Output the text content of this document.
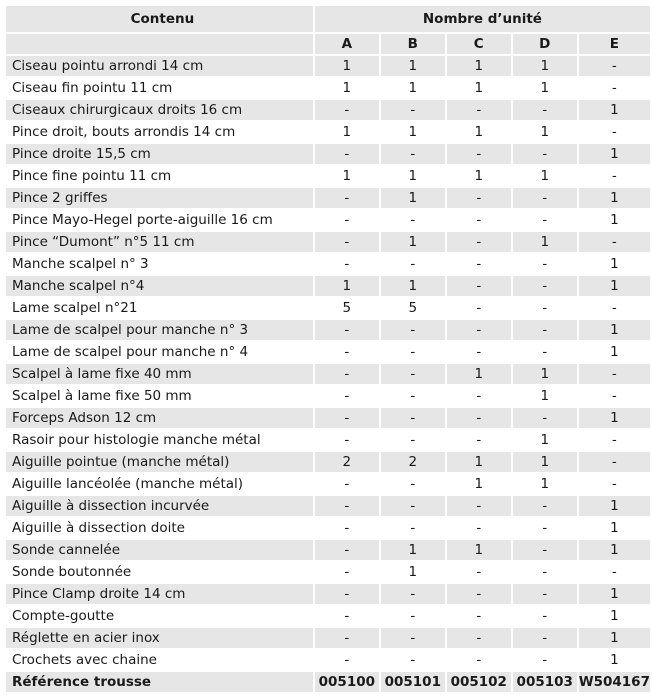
Contenu	Nombre d’unité				
	A	B	C	D	E
Ciseau pointu arrondi 14 cm	1	1	1	1	-
Ciseau fin pointu 11 cm	1	1	1	1	-
Ciseaux chirurgicaux droits 16 cm	-	-	-	-	1
Pince droit, bouts arrondis 14 cm	1	1	1	1	-
Pince droite 15,5 cm	-	-	-	-	1
Pince fine pointu 11 cm	1	1	1	1	-
Pince 2 griffes	-	1	-	-	1
Pince Mayo-Hegel porte-aiguille 16 cm	-	-	-	-	1
Pince “Dumont” n°5 11 cm	-	1	-	1	-
Manche scalpel n° 3	-	-	-	-	1
Manche scalpel n°4	1	1	-	-	1
Lame scalpel n°21	5	5	-	-	-
Lame de scalpel pour manche n° 3	-	-	-	-	1
Lame de scalpel pour manche n° 4	-	-	-	-	1
Scalpel à lame fixe 40 mm	-	-	1	1	-
Scalpel à lame fixe 50 mm	-	-	-	1	-
Forceps Adson 12 cm	-	-	-	-	1
Rasoir pour histologie manche métal	-	-	-	1	-
Aiguille pointue (manche métal)	2	2	1	1	-
Aiguille lancéolée (manche métal)	-	-	1	1	-
Aiguille à dissection incurvée	-	-	-	-	1
Aiguille à dissection doite	-	-	-	-	1
Sonde cannelée	-	1	1	-	1
Sonde boutonnée	-	1	-	-	-
Pince Clamp droite 14 cm	-	-	-	-	1
Compte-goutte	-	-	-	-	1
Réglette en acier inox	-	-	-	-	1
Crochets avec chaine	-	-	-	-	1
Référence trousse	005100	005101	005102	005103	W504167
